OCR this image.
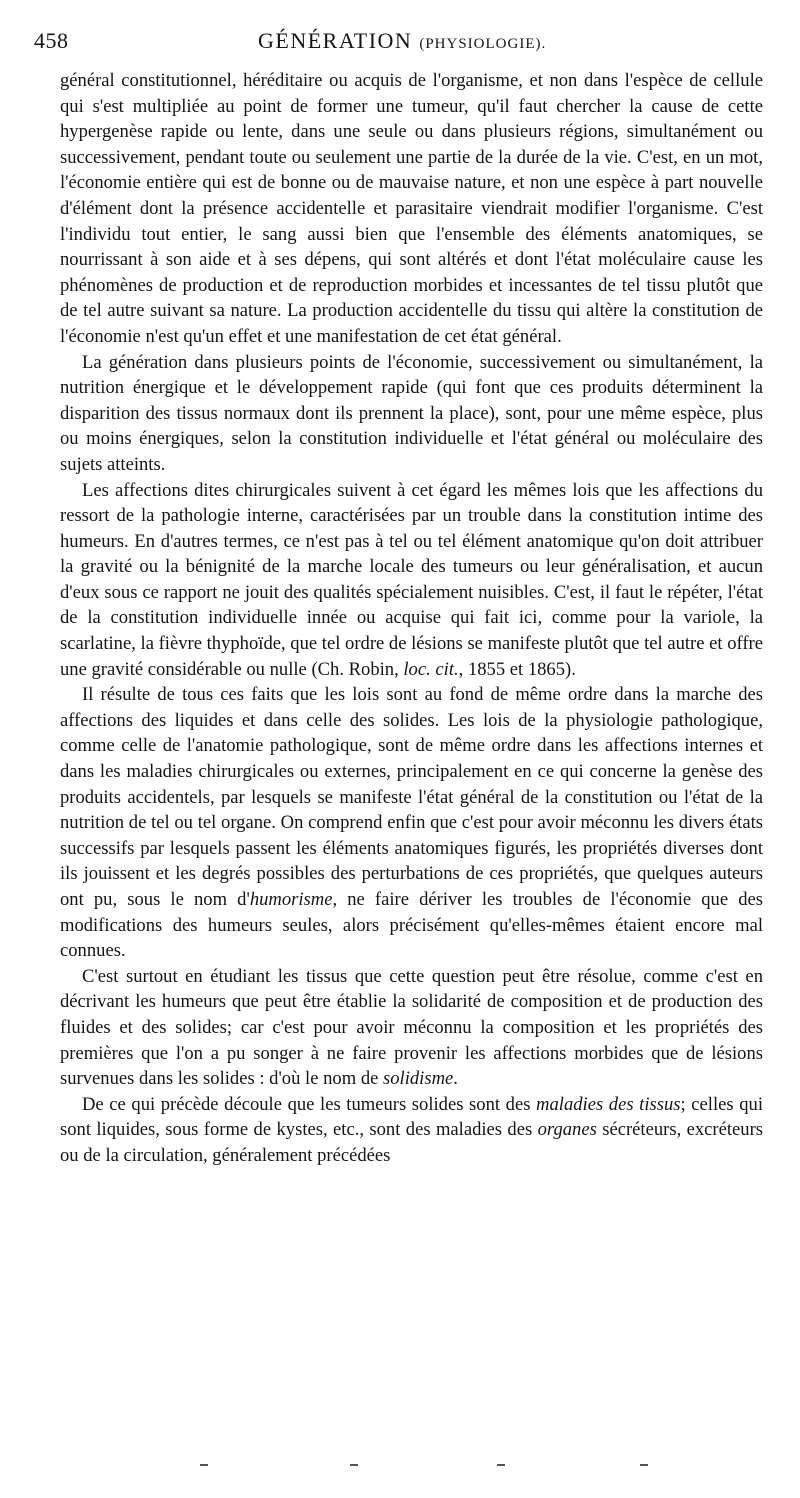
458	GÉNÉRATION (PHYSIOLOGIE).

général constitutionnel, héréditaire ou acquis de l'organisme, et non dans l'espèce de cellule qui s'est multipliée au point de former une tumeur, qu'il faut chercher la cause de cette hypergenèse rapide ou lente, dans une seule ou dans plusieurs régions, simultanément ou successivement, pendant toute ou seulement une partie de la durée de la vie. C'est, en un mot, l'économie entière qui est de bonne ou de mauvaise nature, et non une espèce à part nouvelle d'élément dont la présence accidentelle et parasitaire viendrait modifier l'organisme. C'est l'individu tout entier, le sang aussi bien que l'ensemble des éléments anatomiques, se nourrissant à son aide et à ses dépens, qui sont altérés et dont l'état moléculaire cause les phénomènes de production et de reproduction morbides et incessantes de tel tissu plutôt que de tel autre suivant sa nature. La production accidentelle du tissu qui altère la constitution de l'économie n'est qu'un effet et une manifestation de cet état général.

La génération dans plusieurs points de l'économie, successivement ou simultanément, la nutrition énergique et le développement rapide (qui font que ces produits déterminent la disparition des tissus normaux dont ils prennent la place), sont, pour une même espèce, plus ou moins énergiques, selon la constitution individuelle et l'état général ou moléculaire des sujets atteints.

Les affections dites chirurgicales suivent à cet égard les mêmes lois que les affections du ressort de la pathologie interne, caractérisées par un trouble dans la constitution intime des humeurs. En d'autres termes, ce n'est pas à tel ou tel élément anatomique qu'on doit attribuer la gravité ou la bénignité de la marche locale des tumeurs ou leur généralisation, et aucun d'eux sous ce rapport ne jouit des qualités spécialement nuisibles. C'est, il faut le répéter, l'état de la constitution individuelle innée ou acquise qui fait ici, comme pour la variole, la scarlatine, la fièvre thyphoïde, que tel ordre de lésions se manifeste plutôt que tel autre et offre une gravité considérable ou nulle (Ch. Robin, loc. cit., 1855 et 1865).

Il résulte de tous ces faits que les lois sont au fond de même ordre dans la marche des affections des liquides et dans celle des solides. Les lois de la physiologie pathologique, comme celle de l'anatomie pathologique, sont de même ordre dans les affections internes et dans les maladies chirurgicales ou externes, principalement en ce qui concerne la genèse des produits accidentels, par lesquels se manifeste l'état général de la constitution ou l'état de la nutrition de tel ou tel organe. On comprend enfin que c'est pour avoir méconnu les divers états successifs par lesquels passent les éléments anatomiques figurés, les propriétés diverses dont ils jouissent et les degrés possibles des perturbations de ces propriétés, que quelques auteurs ont pu, sous le nom d'humorisme, ne faire dériver les troubles de l'économie que des modifications des humeurs seules, alors précisément qu'elles-mêmes étaient encore mal connues.

C'est surtout en étudiant les tissus que cette question peut être résolue, comme c'est en décrivant les humeurs que peut être établie la solidarité de composition et de production des fluides et des solides; car c'est pour avoir méconnu la composition et les propriétés des premières que l'on a pu songer à ne faire provenir les affections morbides que de lésions survenues dans les solides : d'où le nom de solidisme.

De ce qui précède découle que les tumeurs solides sont des maladies des tissus; celles qui sont liquides, sous forme de kystes, etc., sont des maladies des organes sécréteurs, excréteurs ou de la circulation, généralement précédées
